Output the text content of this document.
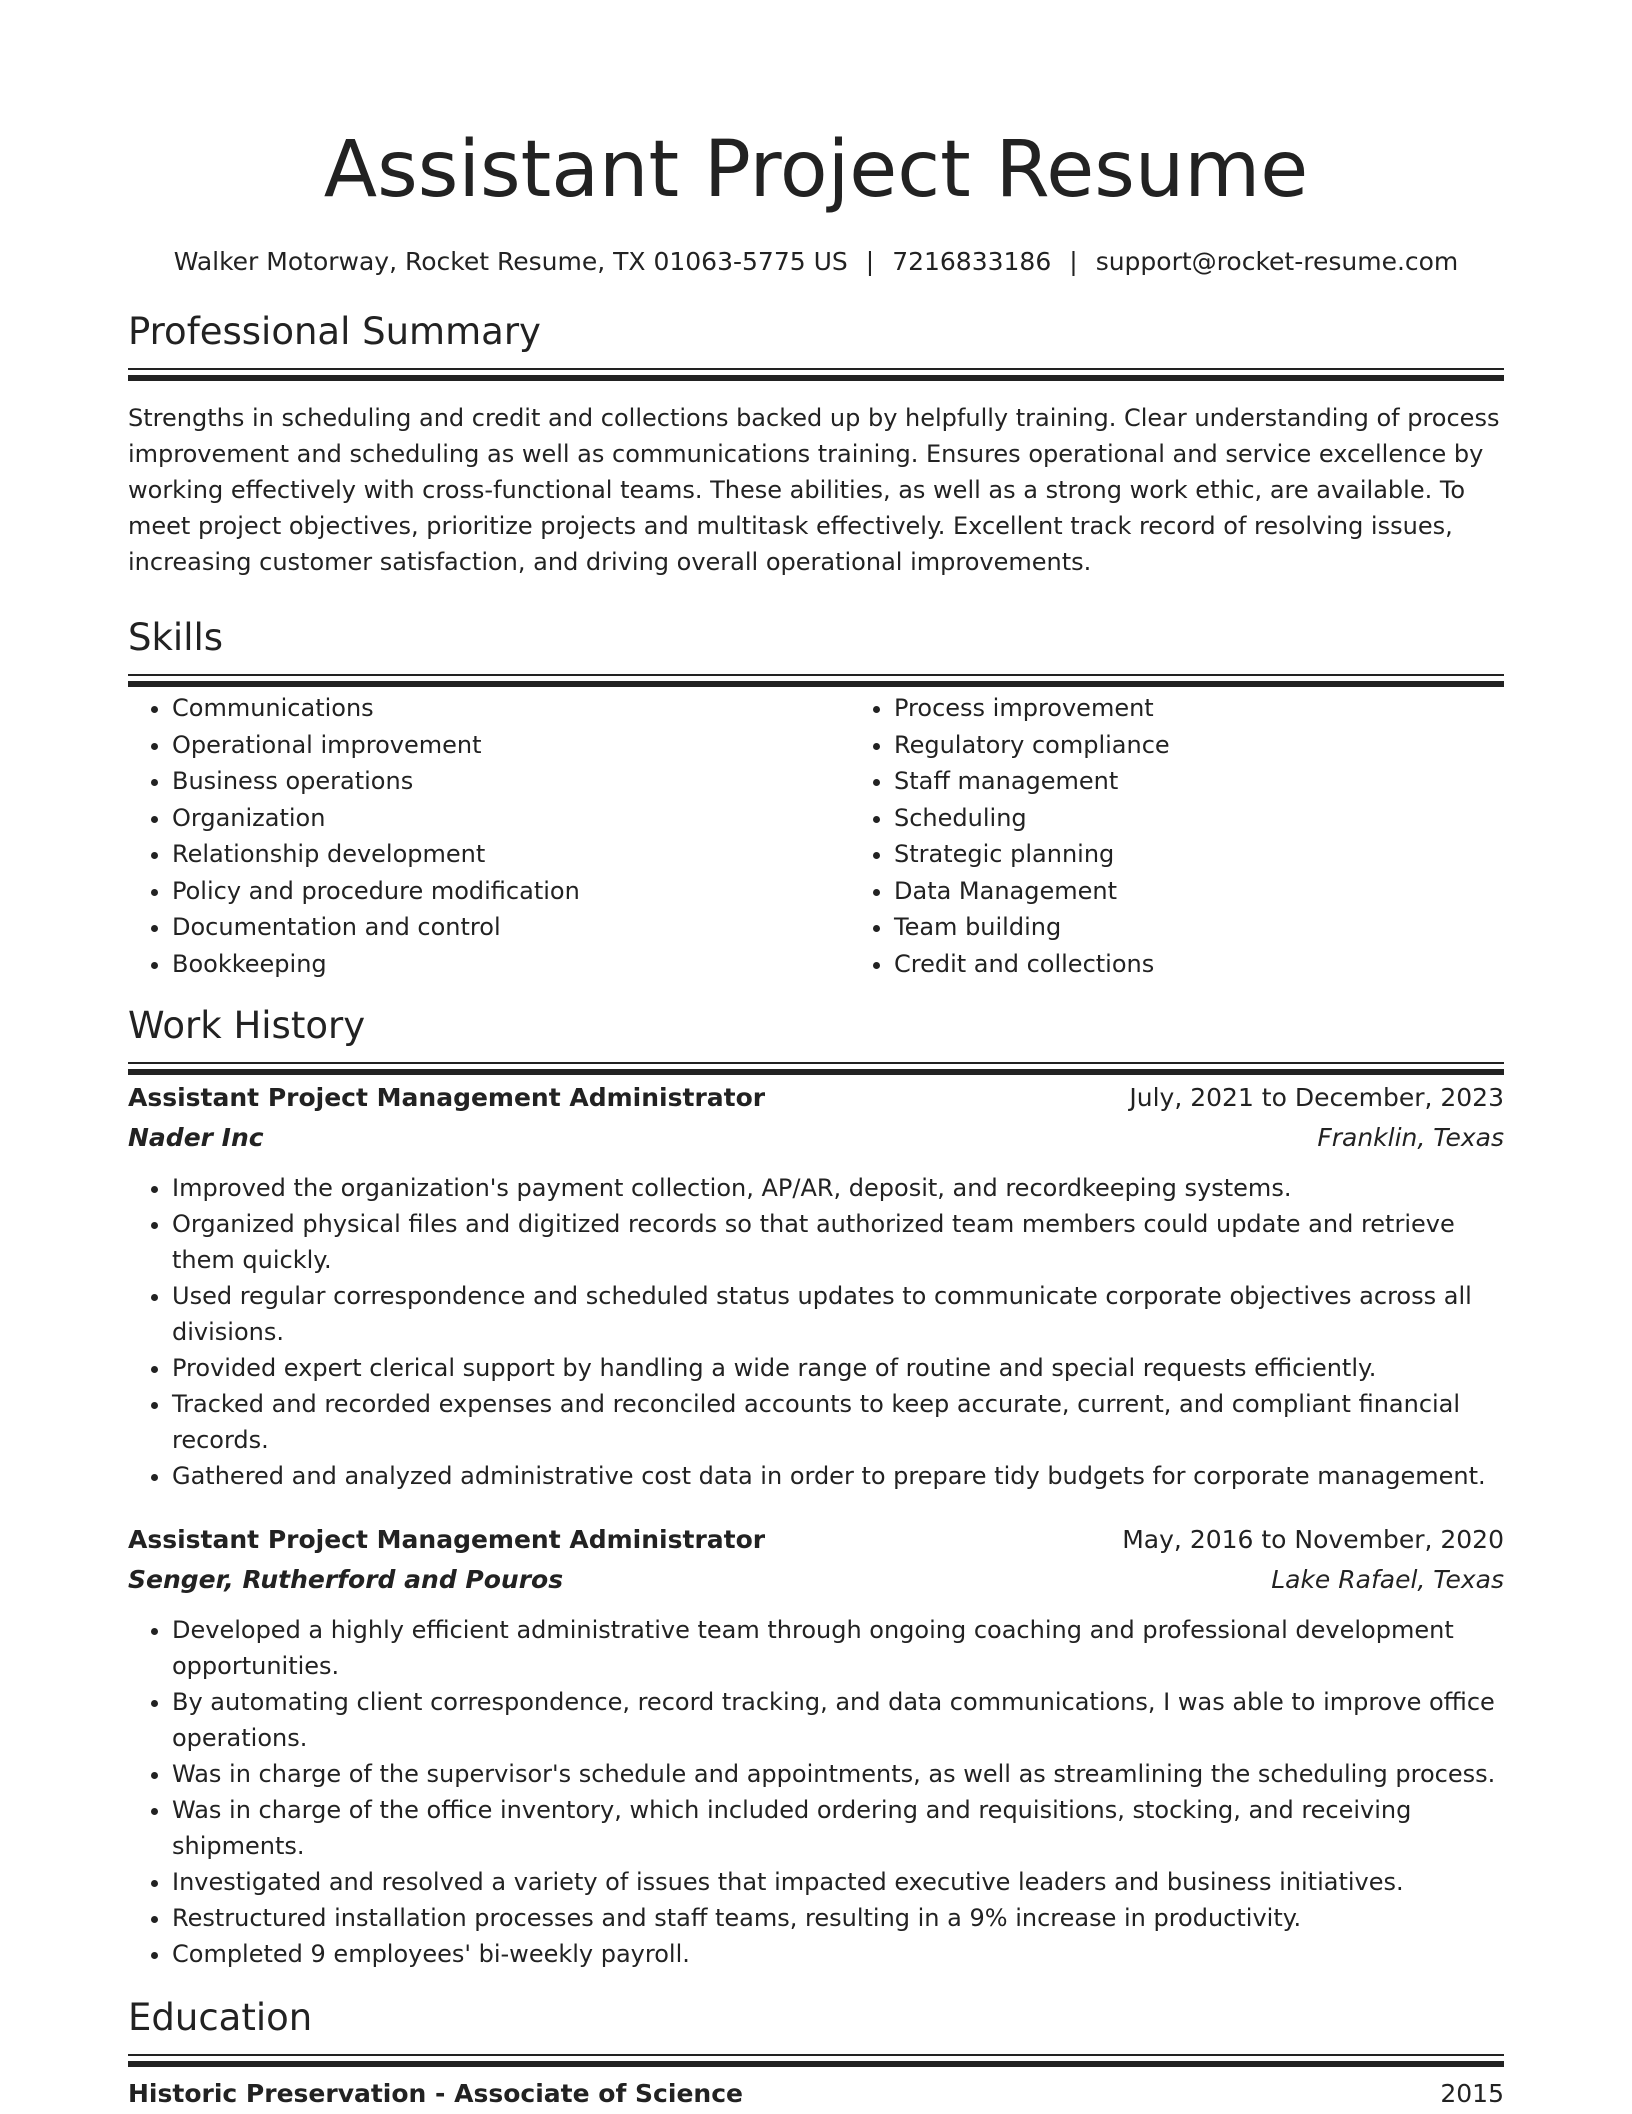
Assistant Project Resume
Walker Motorway, Rocket Resume, TX 01063-5775 US | 7216833186 | support@rocket-resume.com
Professional Summary
Strengths in scheduling and credit and collections backed up by helpfully training. Clear understanding of process improvement and scheduling as well as communications training. Ensures operational and service excellence by working effectively with cross-functional teams. These abilities, as well as a strong work ethic, are available. To meet project objectives, prioritize projects and multitask effectively. Excellent track record of resolving issues, increasing customer satisfaction, and driving overall operational improvements.
Skills
• Communications
• Operational improvement
• Business operations
• Organization
• Relationship development
• Policy and procedure modification
• Documentation and control
• Bookkeeping
• Process improvement
• Regulatory compliance
• Staff management
• Scheduling
• Strategic planning
• Data Management
• Team building
• Credit and collections
Work History
Assistant Project Management Administrator	July, 2021 to December, 2023
Nader Inc	Franklin, Texas
• Improved the organization's payment collection, AP/AR, deposit, and recordkeeping systems.
• Organized physical files and digitized records so that authorized team members could update and retrieve them quickly.
• Used regular correspondence and scheduled status updates to communicate corporate objectives across all divisions.
• Provided expert clerical support by handling a wide range of routine and special requests efficiently.
• Tracked and recorded expenses and reconciled accounts to keep accurate, current, and compliant financial records.
• Gathered and analyzed administrative cost data in order to prepare tidy budgets for corporate management.
Assistant Project Management Administrator	May, 2016 to November, 2020
Senger, Rutherford and Pouros	Lake Rafael, Texas
• Developed a highly efficient administrative team through ongoing coaching and professional development opportunities.
• By automating client correspondence, record tracking, and data communications, I was able to improve office operations.
• Was in charge of the supervisor's schedule and appointments, as well as streamlining the scheduling process.
• Was in charge of the office inventory, which included ordering and requisitions, stocking, and receiving shipments.
• Investigated and resolved a variety of issues that impacted executive leaders and business initiatives.
• Restructured installation processes and staff teams, resulting in a 9% increase in productivity.
• Completed 9 employees' bi-weekly payroll.
Education
Historic Preservation - Associate of Science	2015
